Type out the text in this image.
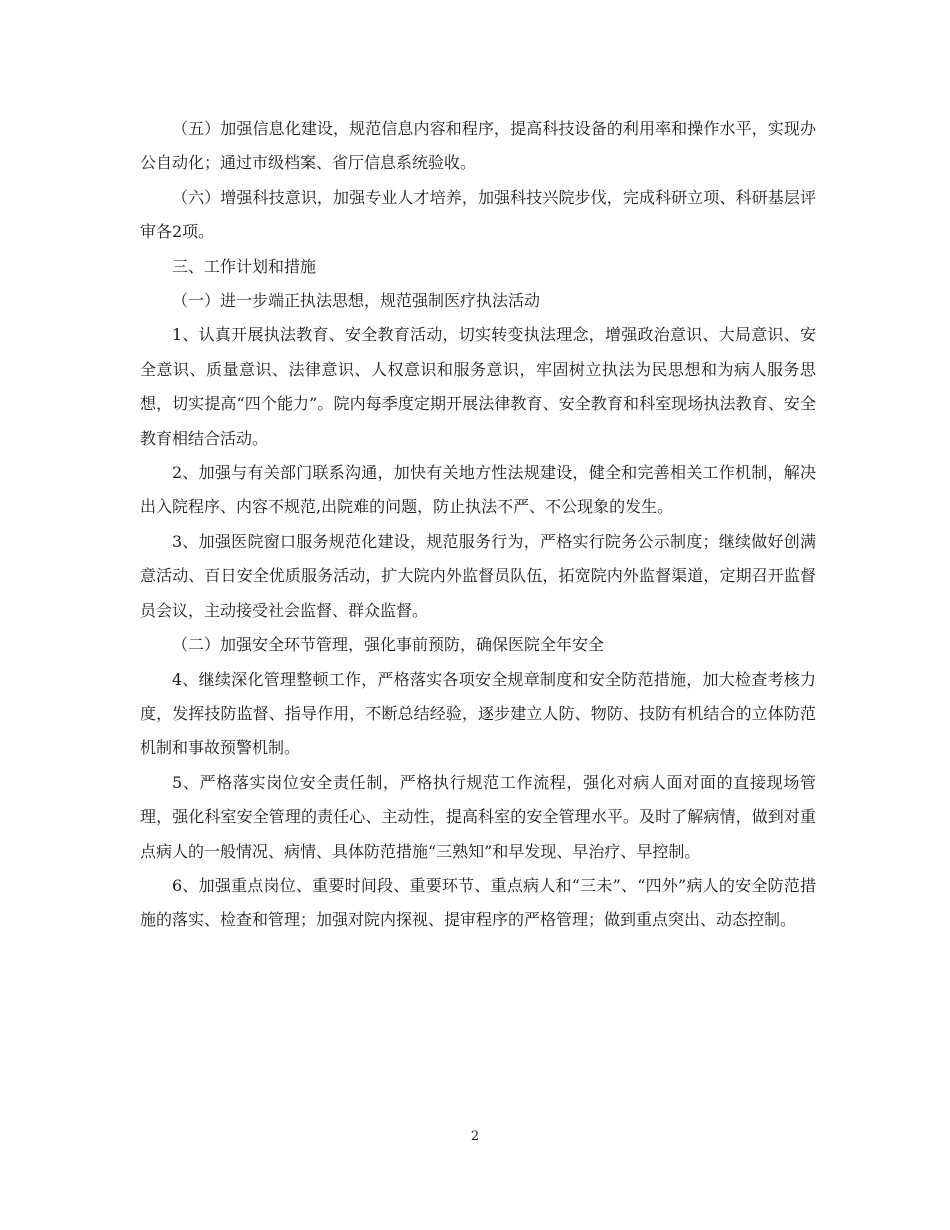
（五）加强信息化建设，规范信息内容和程序，提高科技设备的利用率和操作水平，实现办公自动化；通过市级档案、省厅信息系统验收。

（六）增强科技意识，加强专业人才培养，加强科技兴院步伐，完成科研立项、科研基层评审各2项。

三、工作计划和措施

（一）进一步端正执法思想，规范强制医疗执法活动

1、认真开展执法教育、安全教育活动，切实转变执法理念，增强政治意识、大局意识、安全意识、质量意识、法律意识、人权意识和服务意识，牢固树立执法为民思想和为病人服务思想，切实提高“四个能力”。院内每季度定期开展法律教育、安全教育和科室现场执法教育、安全教育相结合活动。

2、加强与有关部门联系沟通，加快有关地方性法规建设，健全和完善相关工作机制，解决出入院程序、内容不规范,出院难的问题，防止执法不严、不公现象的发生。

3、加强医院窗口服务规范化建设，规范服务行为，严格实行院务公示制度；继续做好创满意活动、百日安全优质服务活动，扩大院内外监督员队伍，拓宽院内外监督渠道，定期召开监督员会议，主动接受社会监督、群众监督。

（二）加强安全环节管理，强化事前预防，确保医院全年安全

4、继续深化管理整顿工作，严格落实各项安全规章制度和安全防范措施，加大检查考核力度，发挥技防监督、指导作用，不断总结经验，逐步建立人防、物防、技防有机结合的立体防范机制和事故预警机制。

5、严格落实岗位安全责任制，严格执行规范工作流程，强化对病人面对面的直接现场管理，强化科室安全管理的责任心、主动性，提高科室的安全管理水平。及时了解病情，做到对重点病人的一般情况、病情、具体防范措施“三熟知”和早发现、早治疗、早控制。

6、加强重点岗位、重要时间段、重要环节、重点病人和“三未”、“四外”病人的安全防范措施的落实、检查和管理；加强对院内探视、提审程序的严格管理；做到重点突出、动态控制。

2
